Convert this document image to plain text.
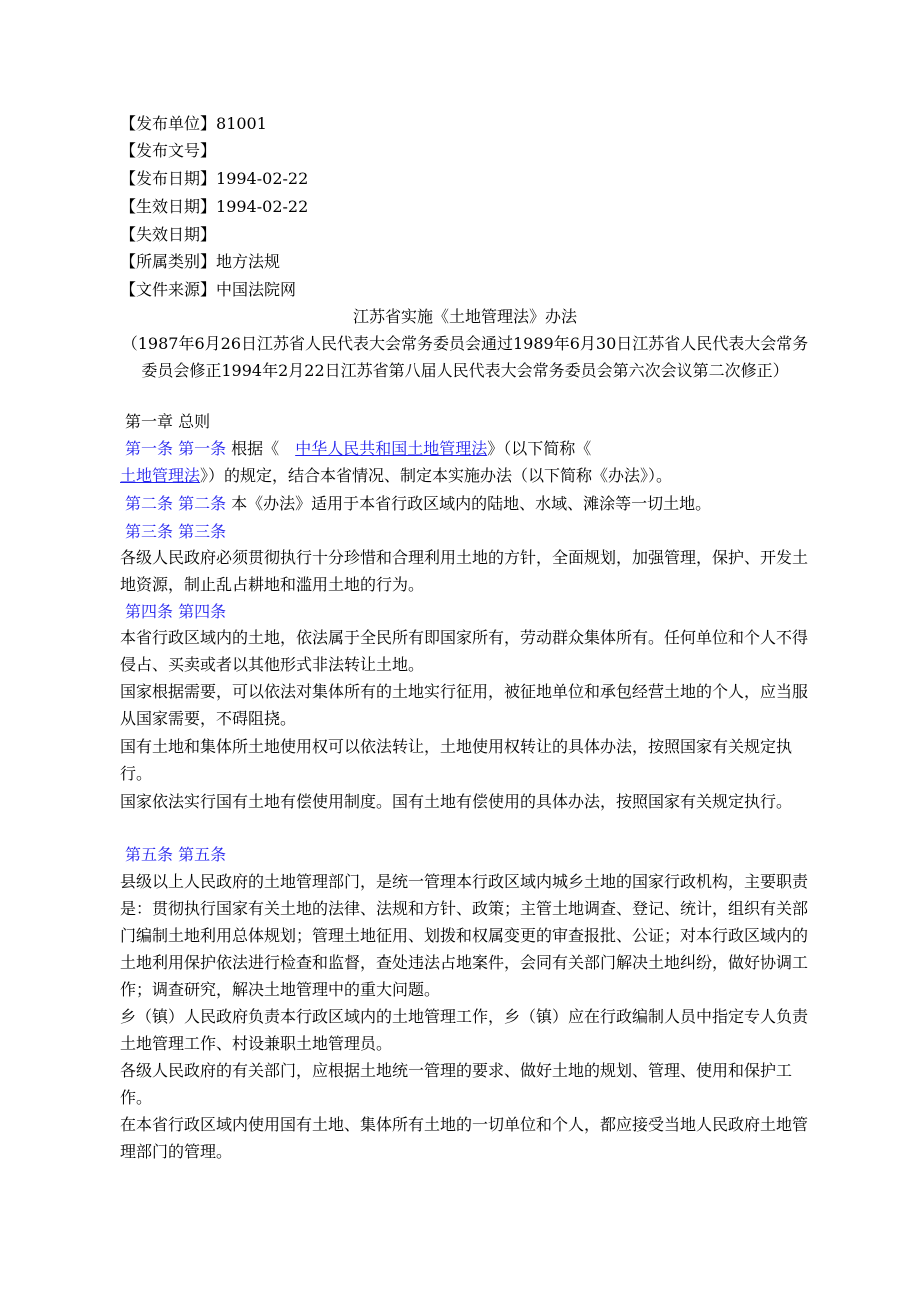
【发布单位】81001
【发布文号】
【发布日期】1994-02-22
【生效日期】1994-02-22
【失效日期】
【所属类别】地方法规
【文件来源】中国法院网
江苏省实施《土地管理法》办法
（1987年6月26日江苏省人民代表大会常务委员会通过1989年6月30日江苏省人民代表大会常务委员会修正1994年2月22日江苏省第八届人民代表大会常务委员会第六次会议第二次修正）
第一章 总则
第一条 第一条 根据《　中华人民共和国土地管理法》（以下简称《
土地管理法》）的规定，结合本省情况、制定本实施办法（以下简称《办法》）。
第二条 第二条 本《办法》适用于本省行政区域内的陆地、水域、滩涂等一切土地。
第三条 第三条
各级人民政府必须贯彻执行十分珍惜和合理利用土地的方针，全面规划，加强管理，保护、开发土地资源，制止乱占耕地和滥用土地的行为。
第四条 第四条
本省行政区域内的土地，依法属于全民所有即国家所有，劳动群众集体所有。任何单位和个人不得侵占、买卖或者以其他形式非法转让土地。
国家根据需要，可以依法对集体所有的土地实行征用，被征地单位和承包经营土地的个人，应当服从国家需要，不碍阻挠。
国有土地和集体所土地使用权可以依法转让，土地使用权转让的具体办法，按照国家有关规定执行。
国家依法实行国有土地有偿使用制度。国有土地有偿使用的具体办法，按照国家有关规定执行。
第五条 第五条
县级以上人民政府的土地管理部门，是统一管理本行政区域内城乡土地的国家行政机构，主要职责是：贯彻执行国家有关土地的法律、法规和方针、政策；主管土地调查、登记、统计，组织有关部门编制土地利用总体规划；管理土地征用、划拨和权属变更的审查报批、公证；对本行政区域内的土地利用保护依法进行检查和监督，查处违法占地案件，会同有关部门解决土地纠纷，做好协调工作；调查研究，解决土地管理中的重大问题。
乡（镇）人民政府负责本行政区域内的土地管理工作，乡（镇）应在行政编制人员中指定专人负责土地管理工作、村设兼职土地管理员。
各级人民政府的有关部门，应根据土地统一管理的要求、做好土地的规划、管理、使用和保护工作。
在本省行政区域内使用国有土地、集体所有土地的一切单位和个人，都应接受当地人民政府土地管理部门的管理。
